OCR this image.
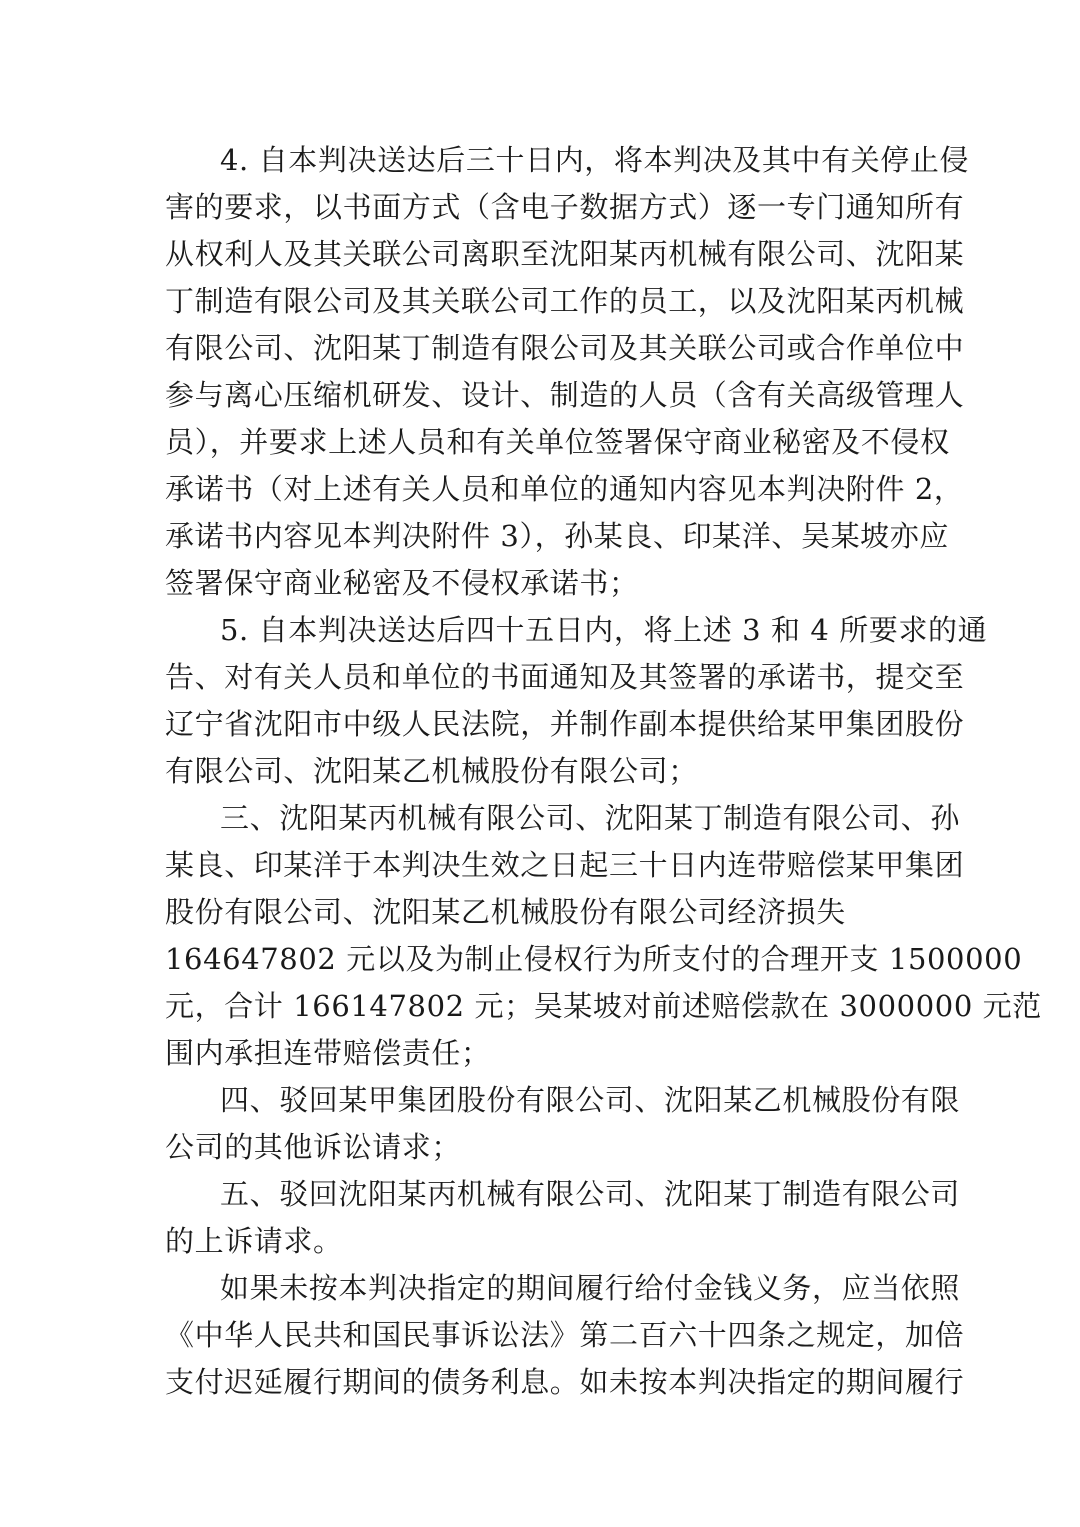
4. 自本判决送达后三十日内，将本判决及其中有关停止侵

害的要求，以书面方式（含电子数据方式）逐一专门通知所有

从权利人及其关联公司离职至沈阳某丙机械有限公司、沈阳某

丁制造有限公司及其关联公司工作的员工，以及沈阳某丙机械

有限公司、沈阳某丁制造有限公司及其关联公司或合作单位中

参与离心压缩机研发、设计、制造的人员（含有关高级管理人

员），并要求上述人员和有关单位签署保守商业秘密及不侵权

承诺书（对上述有关人员和单位的通知内容见本判决附件 2，

承诺书内容见本判决附件 3），孙某良、印某洋、吴某坡亦应

签署保守商业秘密及不侵权承诺书；

5. 自本判决送达后四十五日内，将上述 3 和 4 所要求的通

告、对有关人员和单位的书面通知及其签署的承诺书，提交至

辽宁省沈阳市中级人民法院，并制作副本提供给某甲集团股份

有限公司、沈阳某乙机械股份有限公司；

三、沈阳某丙机械有限公司、沈阳某丁制造有限公司、孙

某良、印某洋于本判决生效之日起三十日内连带赔偿某甲集团

股份有限公司、沈阳某乙机械股份有限公司经济损失

164647802 元以及为制止侵权行为所支付的合理开支 1500000

元，合计 166147802 元；吴某坡对前述赔偿款在 3000000 元范

围内承担连带赔偿责任；

四、驳回某甲集团股份有限公司、沈阳某乙机械股份有限

公司的其他诉讼请求；

五、驳回沈阳某丙机械有限公司、沈阳某丁制造有限公司

的上诉请求。

如果未按本判决指定的期间履行给付金钱义务，应当依照

《中华人民共和国民事诉讼法》第二百六十四条之规定，加倍

支付迟延履行期间的债务利息。如未按本判决指定的期间履行
